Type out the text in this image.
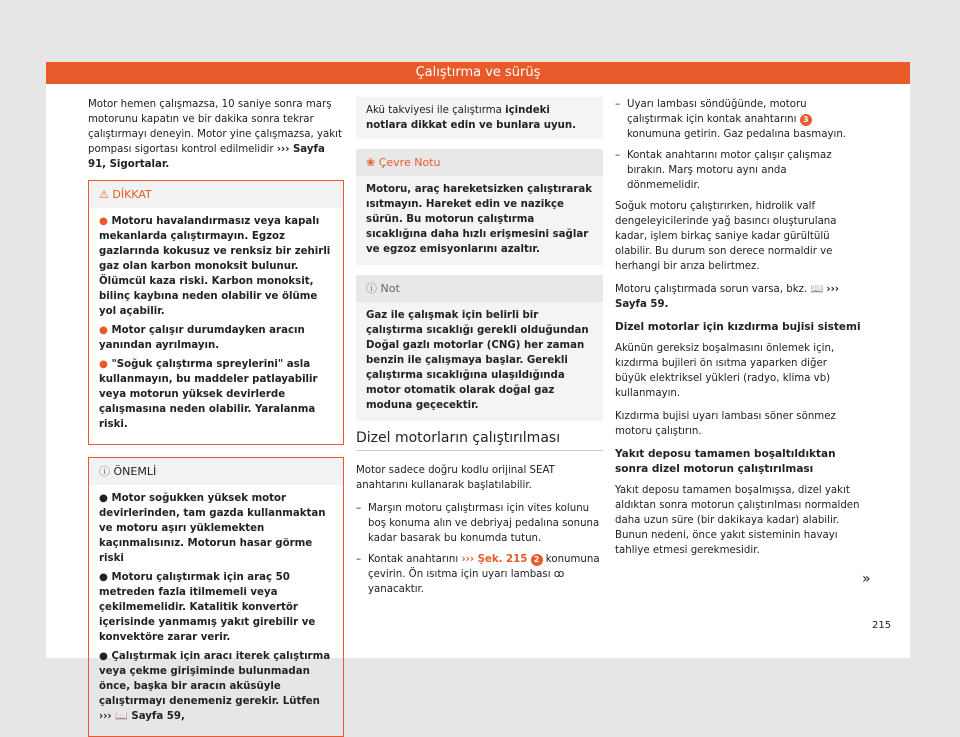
Çalıştırma ve sürüş

Motor hemen çalışmazsa, 10 saniye sonra marş motorunu kapatın ve bir dakika sonra tekrar çalıştırmayı deneyin. Motor yine çalışmazsa, yakıt pompası sigortası kontrol edilmelidir ››› Sayfa 91, Sigortalar.

⚠ DİKKAT

● Motoru havalandırmasız veya kapalı mekanlarda çalıştırmayın. Egzoz gazlarında kokusuz ve renksiz bir zehirli gaz olan karbon monoksit bulunur. Ölümcül kaza riski. Karbon monoksit, bilinç kaybına neden olabilir ve ölüme yol açabilir.

● Motor çalışır durumdayken aracın yanından ayrılmayın.

● "Soğuk çalıştırma spreylerini" asla kullanmayın, bu maddeler patlayabilir veya motorun yüksek devirlerde çalışmasına neden olabilir. Yaralanma riski.

ⓘ ÖNEMLİ

● Motor soğukken yüksek motor devirlerinden, tam gazda kullanmaktan ve motoru aşırı yüklemekten kaçınmalısınız. Motorun hasar görme riski

● Motoru çalıştırmak için araç 50 metreden fazla itilmemeli veya çekilmemelidir. Katalitik konvertör içerisinde yanmamış yakıt girebilir ve konvektöre zarar verir.

● Çalıştırmak için aracı iterek çalıştırma veya çekme girişiminde bulunmadan önce, başka bir aracın aküsüyle çalıştırmayı denemeniz gerekir. Lütfen ››› 📖 Sayfa 59,

Akü takviyesi ile çalıştırma içindeki notlara dikkat edin ve bunlara uyun.
❀ Çevre Notu
Motoru, araç hareketsizken çalıştırarak ısıtmayın. Hareket edin ve nazikçe sürün. Bu motorun çalıştırma sıcaklığına daha hızlı erişmesini sağlar ve egzoz emisyonlarını azaltır.
ⓘ Not
Gaz ile çalışmak için belirli bir çalıştırma sıcaklığı gerekli olduğundan Doğal gazlı motorlar (CNG) her zaman benzin ile çalışmaya başlar. Gerekli çalıştırma sıcaklığına ulaşıldığında motor otomatik olarak doğal gaz moduna geçecektir.
Dizel motorların çalıştırılması

Motor sadece doğru kodlu orijinal SEAT anahtarını kullanarak başlatılabilir.

– Marşın motoru çalıştırması için vites kolunu boş konuma alın ve debriyaj pedalına sonuna kadar basarak bu konumda tutun.
– Kontak anahtarını ››› Şek. 215 2 konumuna çevirin. Ön ısıtma için uyarı lambası ꝏ yanacaktır.
– Uyarı lambası söndüğünde, motoru çalıştırmak için kontak anahtarını 3 konumuna getirin. Gaz pedalına basmayın.
– Kontak anahtarını motor çalışır çalışmaz bırakın. Marş motoru aynı anda dönmemelidir.

Soğuk motoru çalıştırırken, hidrolik valf dengeleyicilerinde yağ basıncı oluşturulana kadar, işlem birkaç saniye kadar gürültülü olabilir. Bu durum son derece normaldir ve herhangi bir arıza belirtmez.

Motoru çalıştırmada sorun varsa, bkz. 📖 ››› Sayfa 59.

Dizel motorlar için kızdırma bujisi sistemi

Akünün gereksiz boşalmasını önlemek için, kızdırma bujileri ön ısıtma yaparken diğer büyük elektriksel yükleri (radyo, klima vb) kullanmayın.

Kızdırma bujisi uyarı lambası söner sönmez motoru çalıştırın.

Yakıt deposu tamamen boşaltıldıktan sonra dizel motorun çalıştırılması

Yakıt deposu tamamen boşalmışsa, dizel yakıt aldıktan sonra motorun çalıştırılması normalden daha uzun süre (bir dakikaya kadar) alabilir. Bunun nedeni, önce yakıt sisteminin havayı tahliye etmesi gerekmesidir.

»
215
